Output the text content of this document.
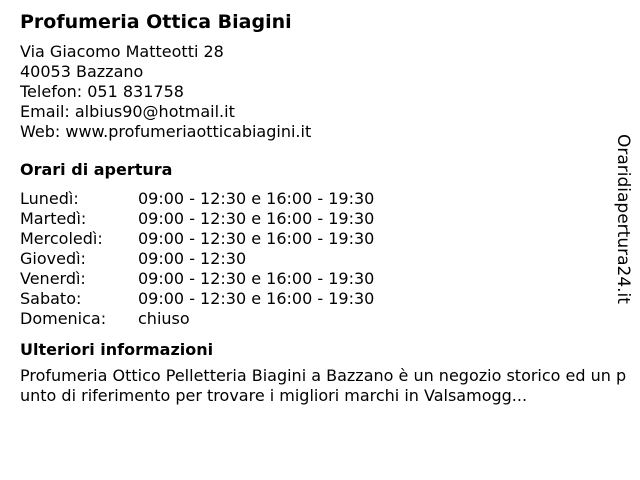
Profumeria Ottica Biagini
Via Giacomo Matteotti 28
40053 Bazzano
Telefon: 051 831758
Email: albius90@hotmail.it
Web: www.profumeriaotticabiagini.it
Orari di apertura
Lunedì:	09:00 - 12:30 e 16:00 - 19:30
Martedì:	09:00 - 12:30 e 16:00 - 19:30
Mercoledì:	09:00 - 12:30 e 16:00 - 19:30
Giovedì:	09:00 - 12:30
Venerdì:	09:00 - 12:30 e 16:00 - 19:30
Sabato:	09:00 - 12:30 e 16:00 - 19:30
Domenica:	chiuso
Ulteriori informazioni
Profumeria Ottico Pelletteria Biagini a Bazzano è un negozio storico ed un punto di riferimento per trovare i migliori marchi in Valsamogg...
Oraridiapertura24.it
